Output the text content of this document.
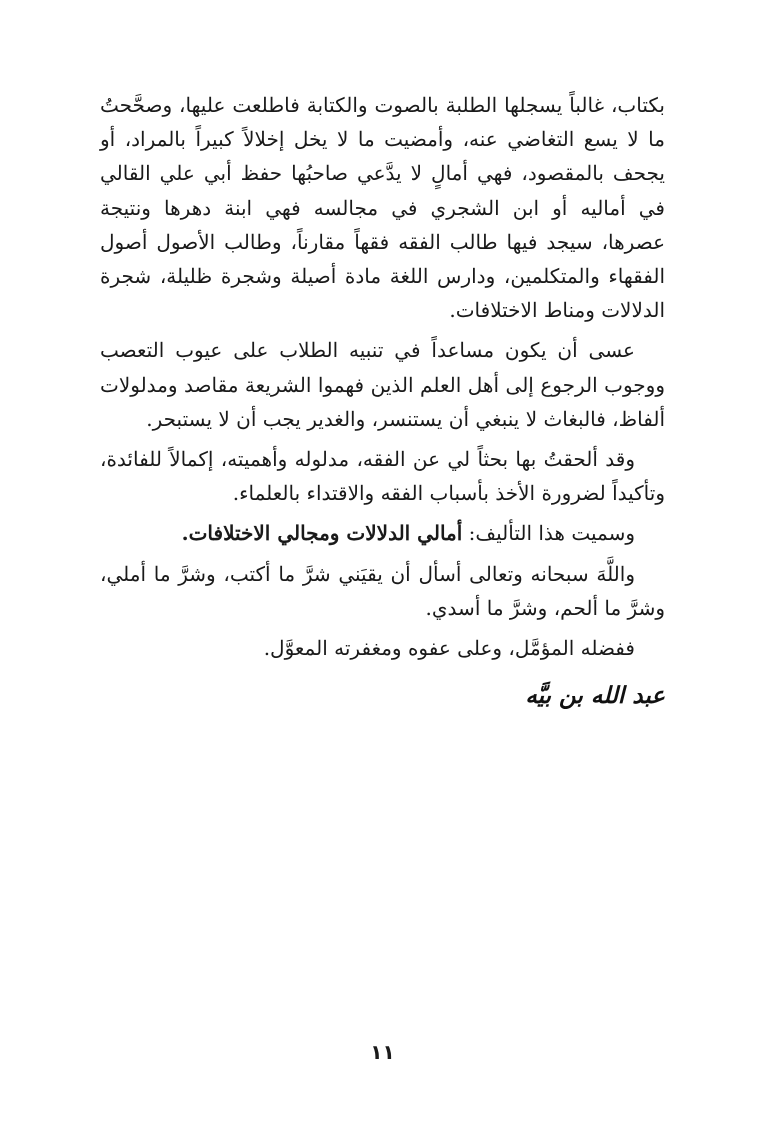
بكتاب، غالباً يسجلها الطلبة بالصوت والكتابة فاطلعت عليها، وصحَّحتُ ما لا يسع التغاضي عنه، وأمضيت ما لا يخل إخلالاً كبيراً بالمراد، أو يجحف بالمقصود، فهي أمالٍ لا يدَّعي صاحبُها حفظ أبي علي القالي في أماليه أو ابن الشجري في مجالسه فهي ابنة دهرها ونتيجة عصرها، سيجد فيها طالب الفقه فقهاً مقارناً، وطالب الأصول أصول الفقهاء والمتكلمين، ودارس اللغة مادة أصيلة وشجرة ظليلة، شجرة الدلالات ومناط الاختلافات.

عسى أن يكون مساعداً في تنبيه الطلاب على عيوب التعصب ووجوب الرجوع إلى أهل العلم الذين فهموا الشريعة مقاصد ومدلولات ألفاظ، فالبغاث لا ينبغي أن يستنسر، والغدير يجب أن لا يستبحر.

وقد ألحقتُ بها بحثاً لي عن الفقه، مدلوله وأهميته، إكمالاً للفائدة، وتأكيداً لضرورة الأخذ بأسباب الفقه والاقتداء بالعلماء.

وسميت هذا التأليف: أمالي الدلالات ومجالي الاختلافات.

واللَّهَ سبحانه وتعالى أسأل أن يقيَني شرَّ ما أكتب، وشرَّ ما أملي، وشرَّ ما ألحم، وشرَّ ما أسدي.

ففضله المؤمَّل، وعلى عفوه ومغفرته المعوَّل.

عبد الله بن بيَّه
١١
